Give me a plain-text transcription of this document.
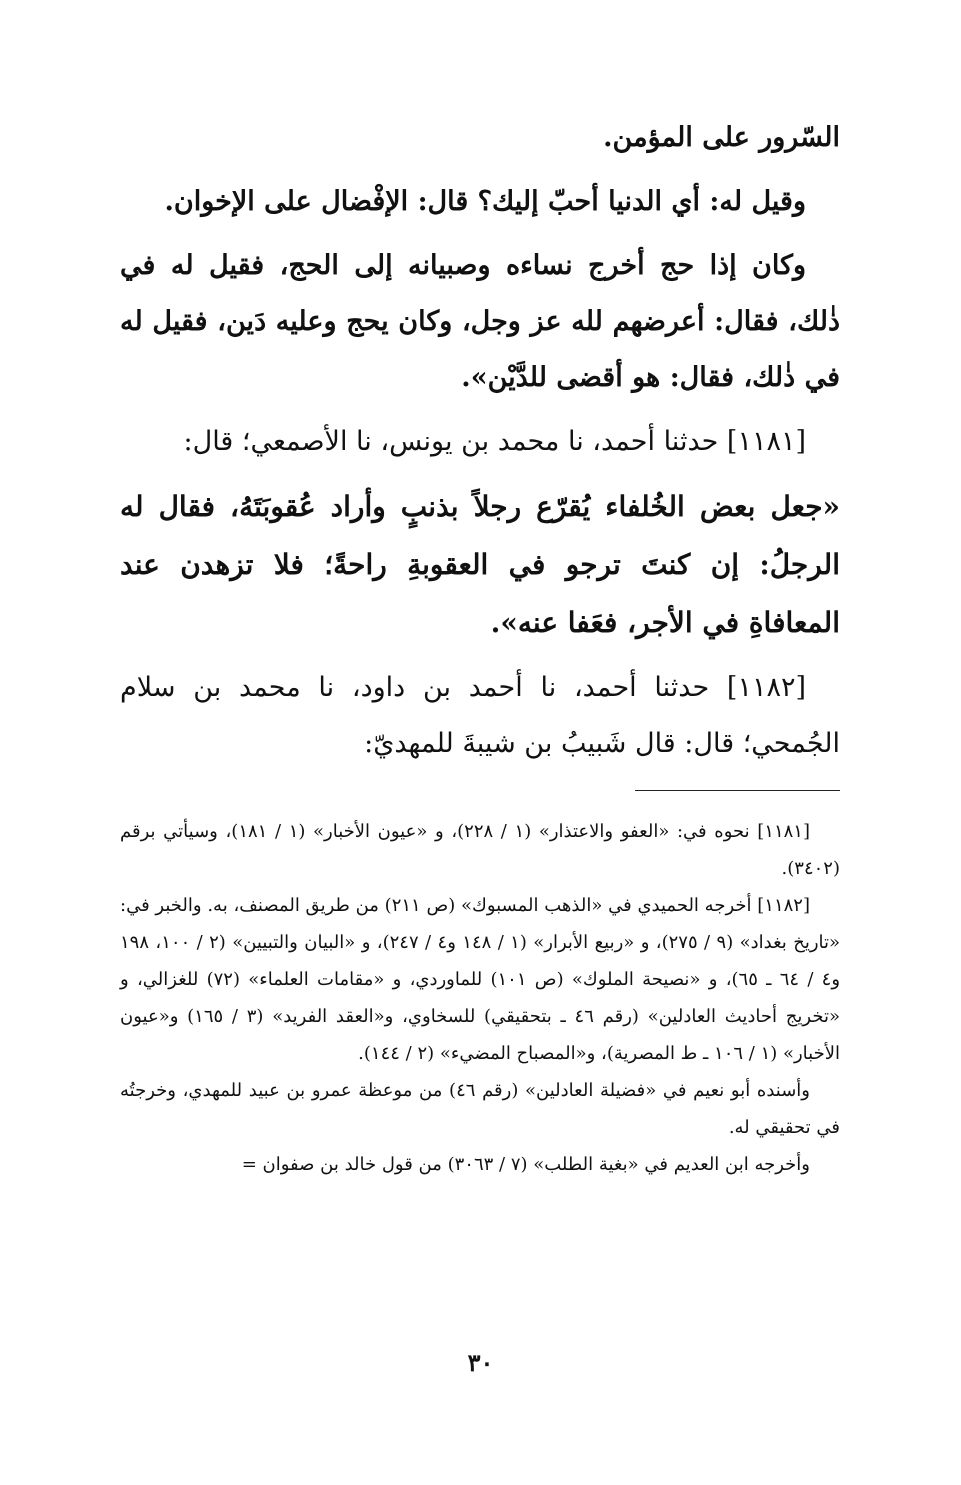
السّرور على المؤمن.

وقيل له: أي الدنيا أحبّ إليك؟ قال: الإفْضال على الإخوان.

وكان إذا حج أخرج نساءه وصبيانه إلى الحج، فقيل له في ذٰلك، فقال: أعرضهم لله عز وجل، وكان يحج وعليه دَين، فقيل له في ذٰلك، فقال: هو أقضى للدَّيْن».

[١١٨١] حدثنا أحمد، نا محمد بن يونس، نا الأصمعي؛ قال:

«جعل بعض الخُلفاء يُقرّع رجلاً بذنبٍ وأراد عُقوبَتَهُ، فقال له الرجلُ: إن كنتَ ترجو في العقوبةِ راحةً؛ فلا تزهدن عند المعافاةِ في الأجر، فعَفا عنه».

[١١٨٢] حدثنا أحمد، نا أحمد بن داود، نا محمد بن سلام الجُمحي؛ قال: قال شَبيبُ بن شيبةَ للمهديّ:

[١١٨١] نحوه في: «العفو والاعتذار» (١ / ٢٢٨)، و «عيون الأخبار» (١ / ١٨١)، وسيأتي برقم (٣٤٠٢).

[١١٨٢] أخرجه الحميدي في «الذهب المسبوك» (ص ٢١١) من طريق المصنف، به. والخبر في: «تاريخ بغداد» (٩ / ٢٧٥)، و «ربيع الأبرار» (١ / ١٤٨ و٤ / ٢٤٧)، و «البيان والتبيين» (٢ / ١٠٠، ١٩٨ و٤ / ٦٤ ـ ٦٥)، و «نصيحة الملوك» (ص ١٠١) للماوردي، و «مقامات العلماء» (٧٢) للغزالي، و «تخريج أحاديث العادلين» (رقم ٤٦ ـ بتحقيقي) للسخاوي، و«العقد الفريد» (٣ / ١٦٥) و«عيون الأخبار» (١ / ١٠٦ ـ ط المصرية)، و«المصباح المضيء» (٢ / ١٤٤).

وأسنده أبو نعيم في «فضيلة العادلين» (رقم ٤٦) من موعظة عمرو بن عبيد للمهدي، وخرجتُه في تحقيقي له.

وأخرجه ابن العديم في «بغية الطلب» (٧ / ٣٠٦٣) من قول خالد بن صفوان =

٣٠
